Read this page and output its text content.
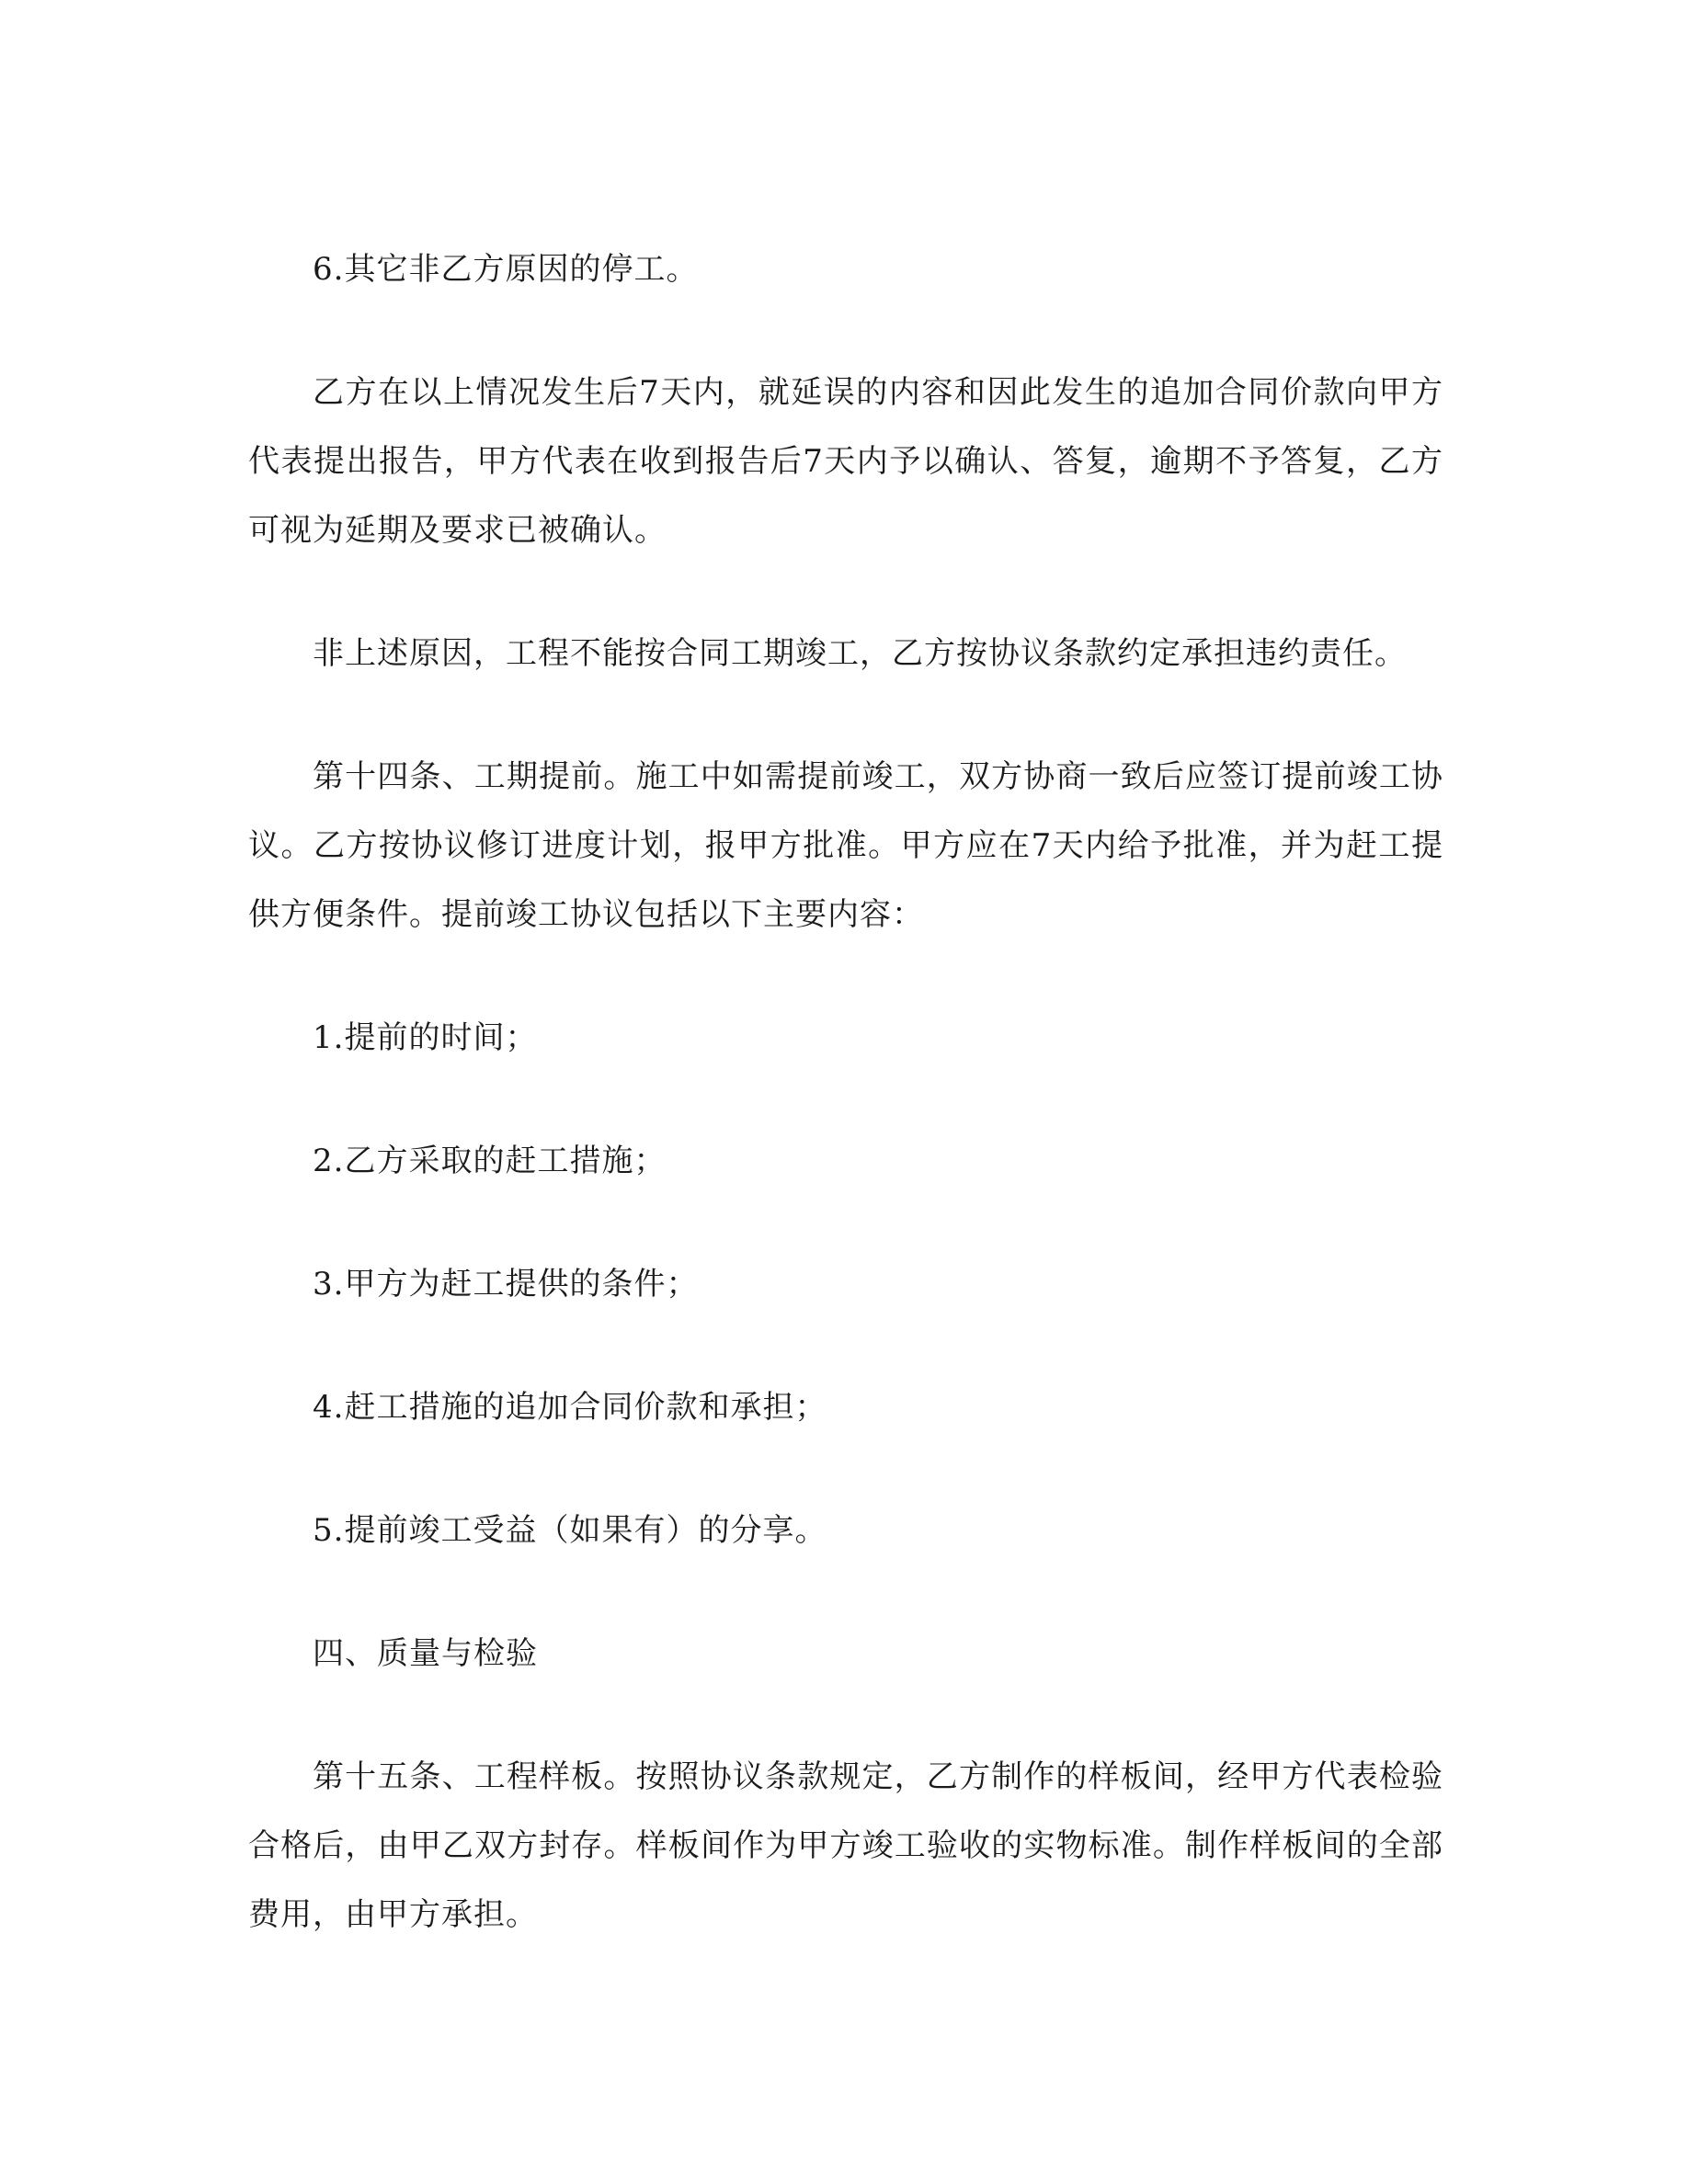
6.其它非乙方原因的停工。

乙方在以上情况发生后7天内，就延误的内容和因此发生的追加合同价款向甲方代表提出报告，甲方代表在收到报告后7天内予以确认、答复，逾期不予答复，乙方可视为延期及要求已被确认。

非上述原因，工程不能按合同工期竣工，乙方按协议条款约定承担违约责任。

第十四条、工期提前。施工中如需提前竣工，双方协商一致后应签订提前竣工协议。乙方按协议修订进度计划，报甲方批准。甲方应在7天内给予批准，并为赶工提供方便条件。提前竣工协议包括以下主要内容：

1.提前的时间；

2.乙方采取的赶工措施；

3.甲方为赶工提供的条件；

4.赶工措施的追加合同价款和承担；

5.提前竣工受益（如果有）的分享。

四、质量与检验

第十五条、工程样板。按照协议条款规定，乙方制作的样板间，经甲方代表检验合格后，由甲乙双方封存。样板间作为甲方竣工验收的实物标准。制作样板间的全部费用，由甲方承担。
